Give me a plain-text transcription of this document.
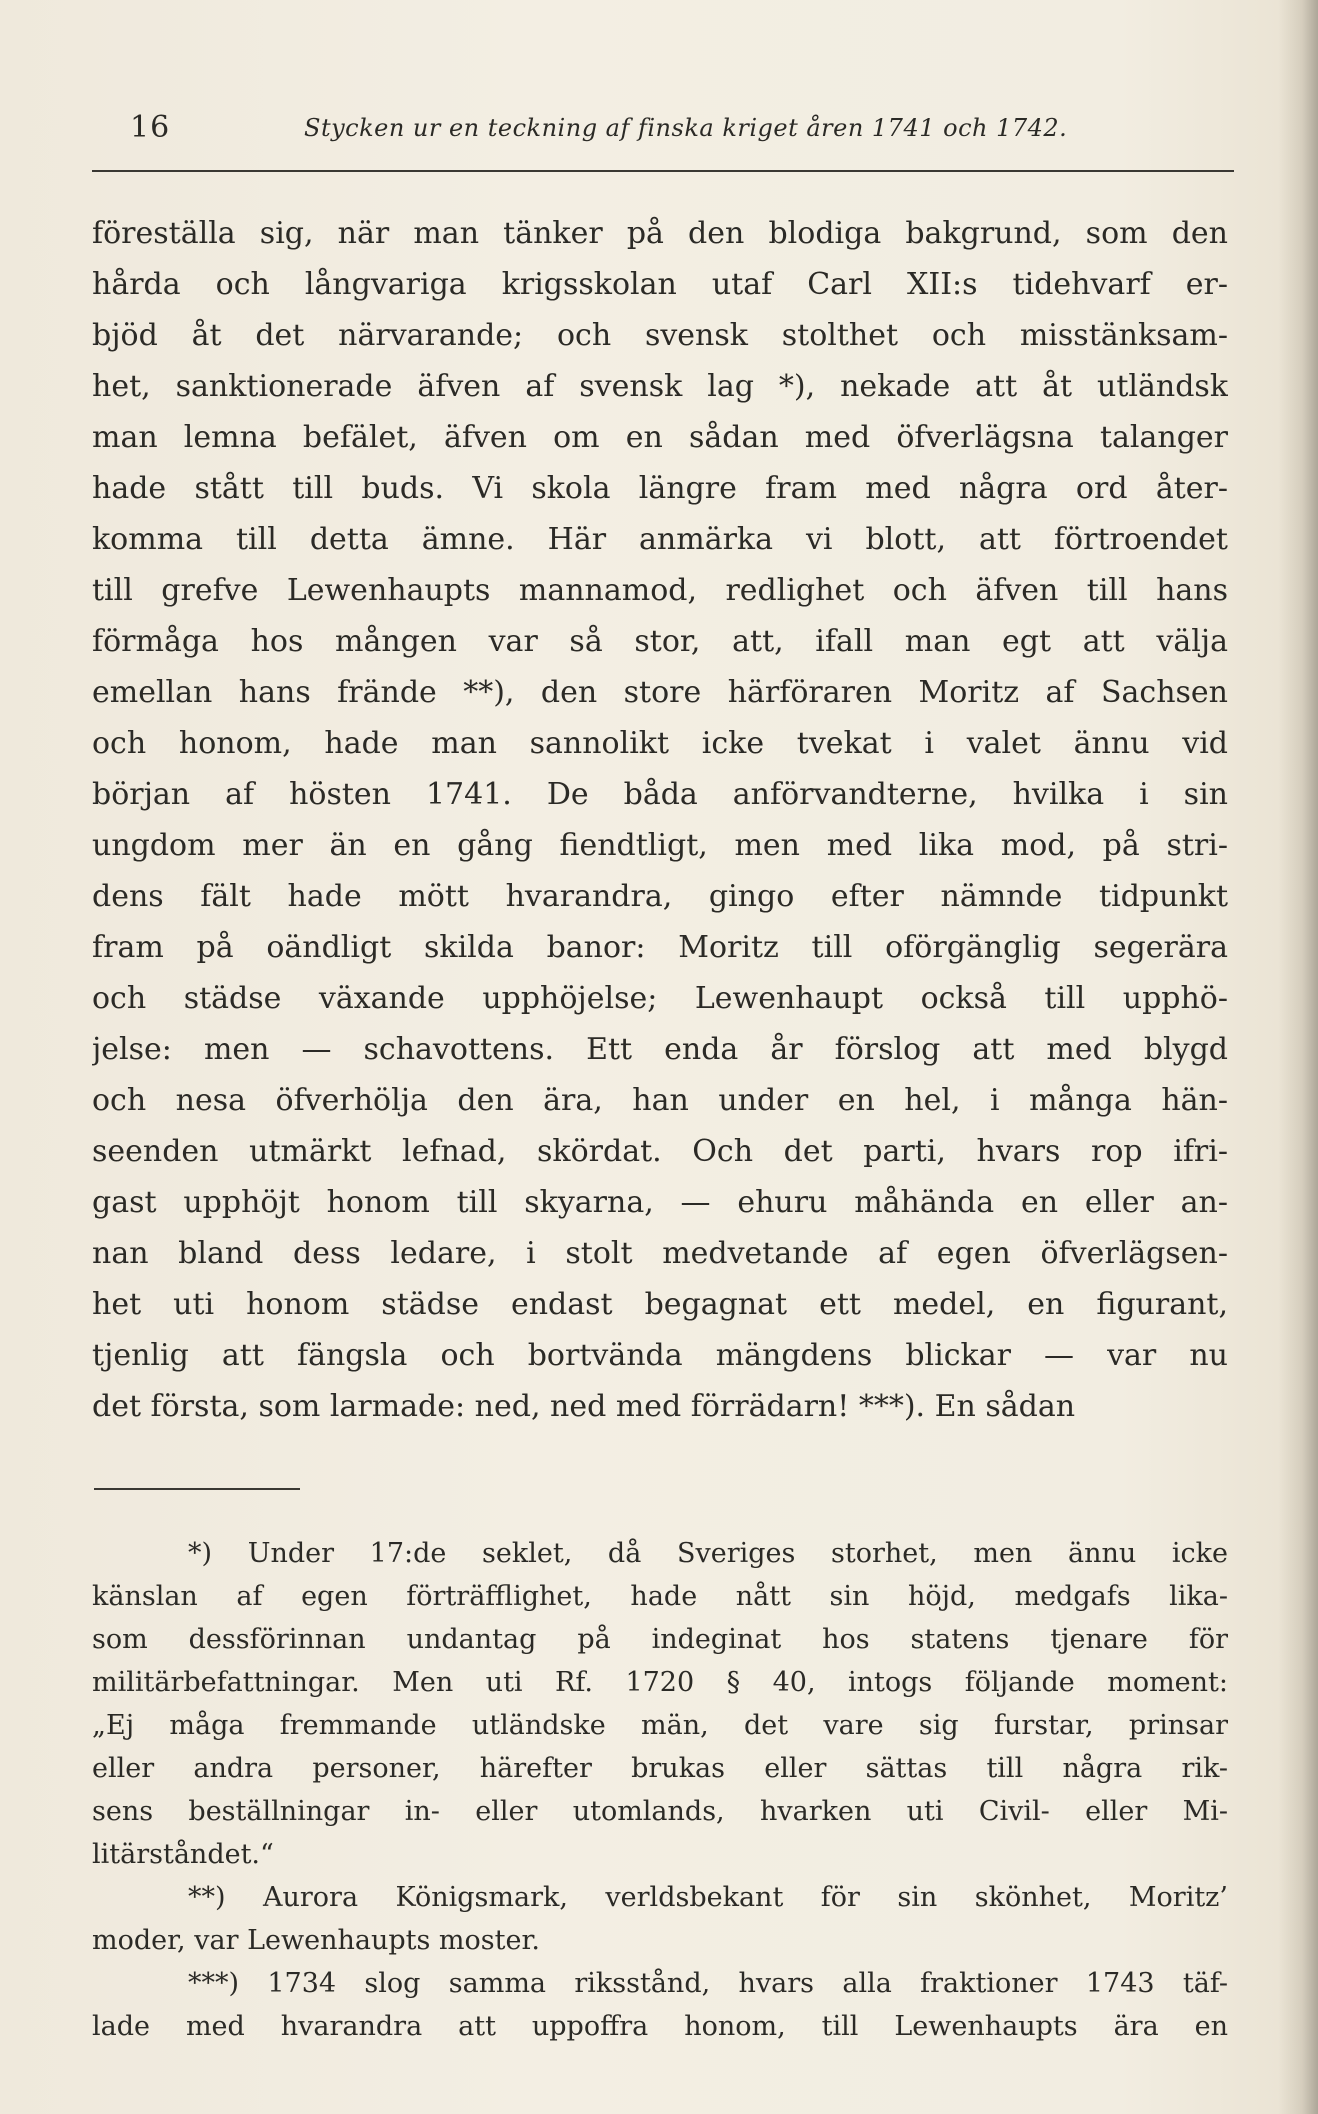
16	Stycken ur en teckning af finska kriget åren 1741 och 1742.
föreställa sig, när man tänker på den blodiga bakgrund, som den
hårda och långvariga krigsskolan utaf Carl XII:s tidehvarf er-
bjöd åt det närvarande; och svensk stolthet och misstänksam-
het, sanktionerade äfven af svensk lag *), nekade att åt utländsk
man lemna befälet, äfven om en sådan med öfverlägsna talanger
hade stått till buds. Vi skola längre fram med några ord åter-
komma till detta ämne. Här anmärka vi blott, att förtroendet
till grefve Lewenhaupts mannamod, redlighet och äfven till hans
förmåga hos mången var så stor, att, ifall man egt att välja
emellan hans frände **), den store härföraren Moritz af Sachsen
och honom, hade man sannolikt icke tvekat i valet ännu vid
början af hösten 1741. De båda anförvandterne, hvilka i sin
ungdom mer än en gång fiendtligt, men med lika mod, på stri-
dens fält hade mött hvarandra, gingo efter nämnde tidpunkt
fram på oändligt skilda banor: Moritz till oförgänglig segerära
och städse växande upphöjelse; Lewenhaupt också till upphö-
jelse: men — schavottens. Ett enda år förslog att med blygd
och nesa öfverhölja den ära, han under en hel, i många hän-
seenden utmärkt lefnad, skördat. Och det parti, hvars rop ifri-
gast upphöjt honom till skyarna, — ehuru måhända en eller an-
nan bland dess ledare, i stolt medvetande af egen öfverlägsen-
het uti honom städse endast begagnat ett medel, en figurant,
tjenlig att fängsla och bortvända mängdens blickar — var nu
det första, som larmade: ned, ned med förrädarn! ***). En sådan
*) Under 17:de seklet, då Sveriges storhet, men ännu icke
känslan af egen förträfflighet, hade nått sin höjd, medgafs lika-
som dessförinnan undantag på indeginat hos statens tjenare för
militärbefattningar. Men uti Rf. 1720 § 40, intogs följande moment:
„Ej måga fremmande utländske män, det vare sig furstar, prinsar
eller andra personer, härefter brukas eller sättas till några rik-
sens beställningar in- eller utomlands, hvarken uti Civil- eller Mi-
litärståndet.“
**) Aurora Königsmark, verldsbekant för sin skönhet, Moritz’
moder, var Lewenhaupts moster.
***) 1734 slog samma riksstånd, hvars alla fraktioner 1743 täf-
lade med hvarandra att uppoffra honom, till Lewenhaupts ära en
